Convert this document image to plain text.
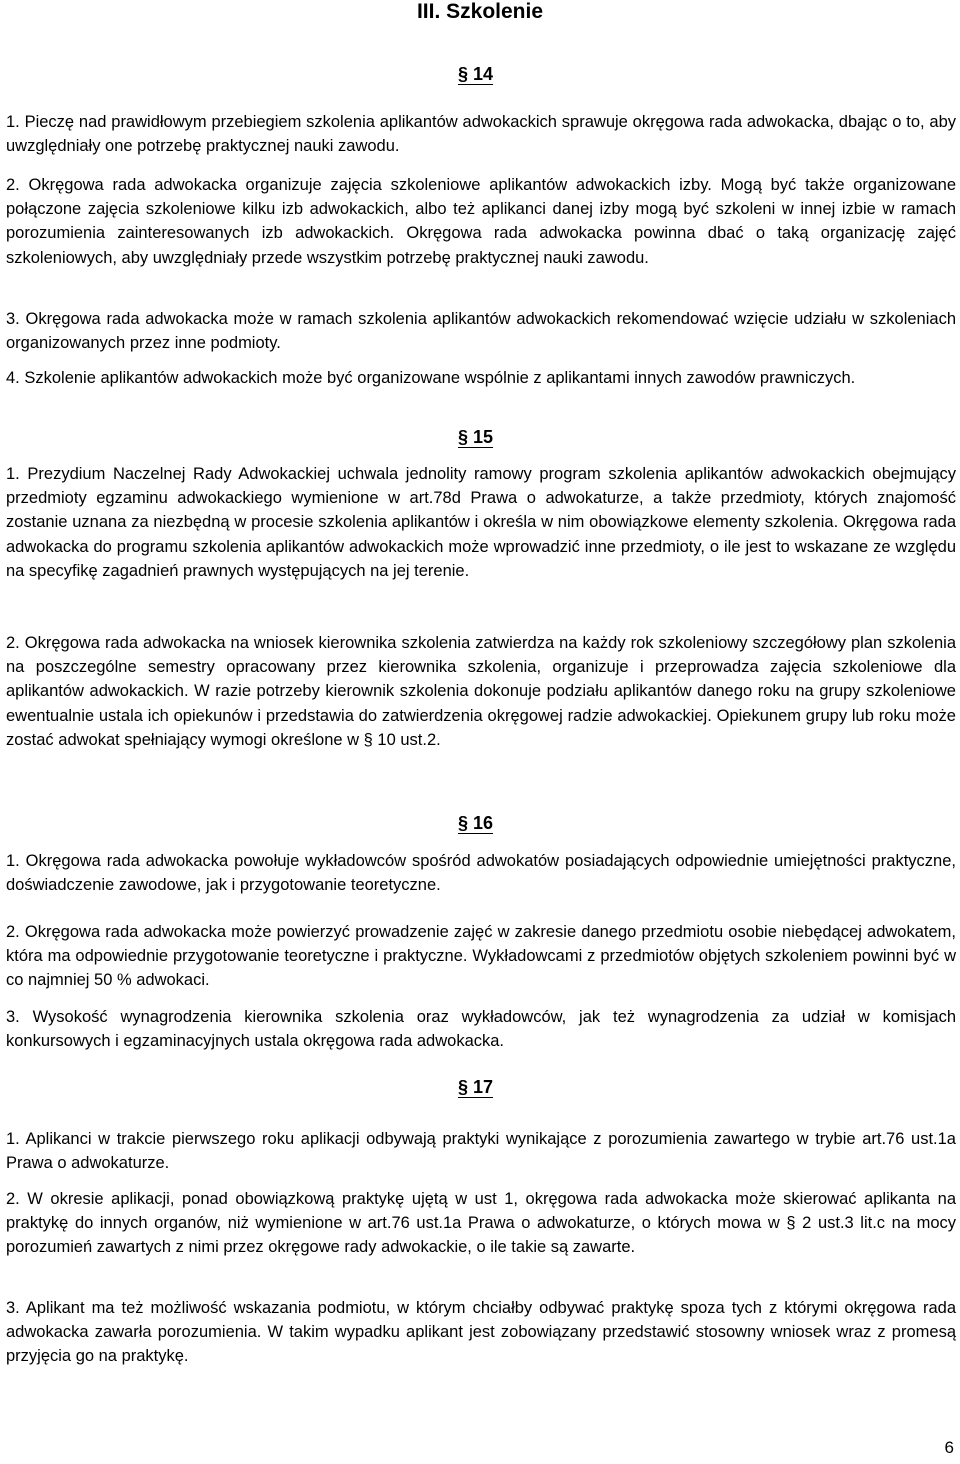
III. Szkolenie
§ 14

1. Pieczę nad prawidłowym przebiegiem szkolenia aplikantów adwokackich sprawuje okręgowa rada adwokacka, dbając o to, aby uwzględniały one potrzebę praktycznej nauki zawodu.

2. Okręgowa rada adwokacka organizuje zajęcia szkoleniowe aplikantów adwokackich izby. Mogą być także organizowane połączone zajęcia szkoleniowe kilku izb adwokackich, albo też aplikanci danej izby mogą być szkoleni w innej izbie w ramach porozumienia zainteresowanych izb adwokackich. Okręgowa rada adwokacka powinna dbać o taką organizację zajęć szkoleniowych, aby uwzględniały przede wszystkim potrzebę praktycznej nauki zawodu.

3. Okręgowa rada adwokacka może w ramach szkolenia aplikantów adwokackich rekomendować wzięcie udziału w szkoleniach organizowanych przez inne podmioty.

4. Szkolenie aplikantów adwokackich może być organizowane wspólnie z aplikantami innych zawodów prawniczych.

§ 15

1. Prezydium Naczelnej Rady Adwokackiej uchwala jednolity ramowy program szkolenia aplikantów adwokackich obejmujący przedmioty egzaminu adwokackiego wymienione w art.78d Prawa o adwokaturze, a także przedmioty, których znajomość zostanie uznana za niezbędną w procesie szkolenia aplikantów i określa w nim obowiązkowe elementy szkolenia. Okręgowa rada adwokacka do programu szkolenia aplikantów adwokackich może wprowadzić inne przedmioty, o ile jest to wskazane ze względu na specyfikę zagadnień prawnych występujących na jej terenie.

2. Okręgowa rada adwokacka na wniosek kierownika szkolenia zatwierdza na każdy rok szkoleniowy szczegółowy plan szkolenia na poszczególne semestry opracowany przez kierownika szkolenia, organizuje i przeprowadza zajęcia szkoleniowe dla aplikantów adwokackich. W razie potrzeby kierownik szkolenia dokonuje podziału aplikantów danego roku na grupy szkoleniowe ewentualnie ustala ich opiekunów i przedstawia do zatwierdzenia okręgowej radzie adwokackiej. Opiekunem grupy lub roku może zostać adwokat spełniający wymogi określone w § 10 ust.2.

§ 16

1. Okręgowa rada adwokacka powołuje wykładowców spośród adwokatów posiadających odpowiednie umiejętności praktyczne, doświadczenie zawodowe, jak i przygotowanie teoretyczne.

2. Okręgowa rada adwokacka może powierzyć prowadzenie zajęć w zakresie danego przedmiotu osobie niebędącej adwokatem, która ma odpowiednie przygotowanie teoretyczne i praktyczne. Wykładowcami z przedmiotów objętych szkoleniem powinni być w co najmniej 50 % adwokaci.

3. Wysokość wynagrodzenia kierownika szkolenia oraz wykładowców, jak też wynagrodzenia za udział w komisjach konkursowych i egzaminacyjnych ustala okręgowa rada adwokacka.

§ 17

1. Aplikanci w trakcie pierwszego roku aplikacji odbywają praktyki wynikające z porozumienia zawartego w trybie art.76 ust.1a Prawa o adwokaturze.

2. W okresie aplikacji, ponad obowiązkową praktykę ujętą w ust 1, okręgowa rada adwokacka może skierować aplikanta na praktykę do innych organów, niż wymienione w art.76 ust.1a Prawa o adwokaturze, o których mowa w § 2 ust.3 lit.c na mocy porozumień zawartych z nimi przez okręgowe rady adwokackie, o ile takie są zawarte.

3. Aplikant ma też możliwość wskazania podmiotu, w którym chciałby odbywać praktykę spoza tych z którymi okręgowa rada adwokacka zawarła porozumienia. W takim wypadku aplikant jest zobowiązany przedstawić stosowny wniosek wraz z promesą przyjęcia go na praktykę.

6
